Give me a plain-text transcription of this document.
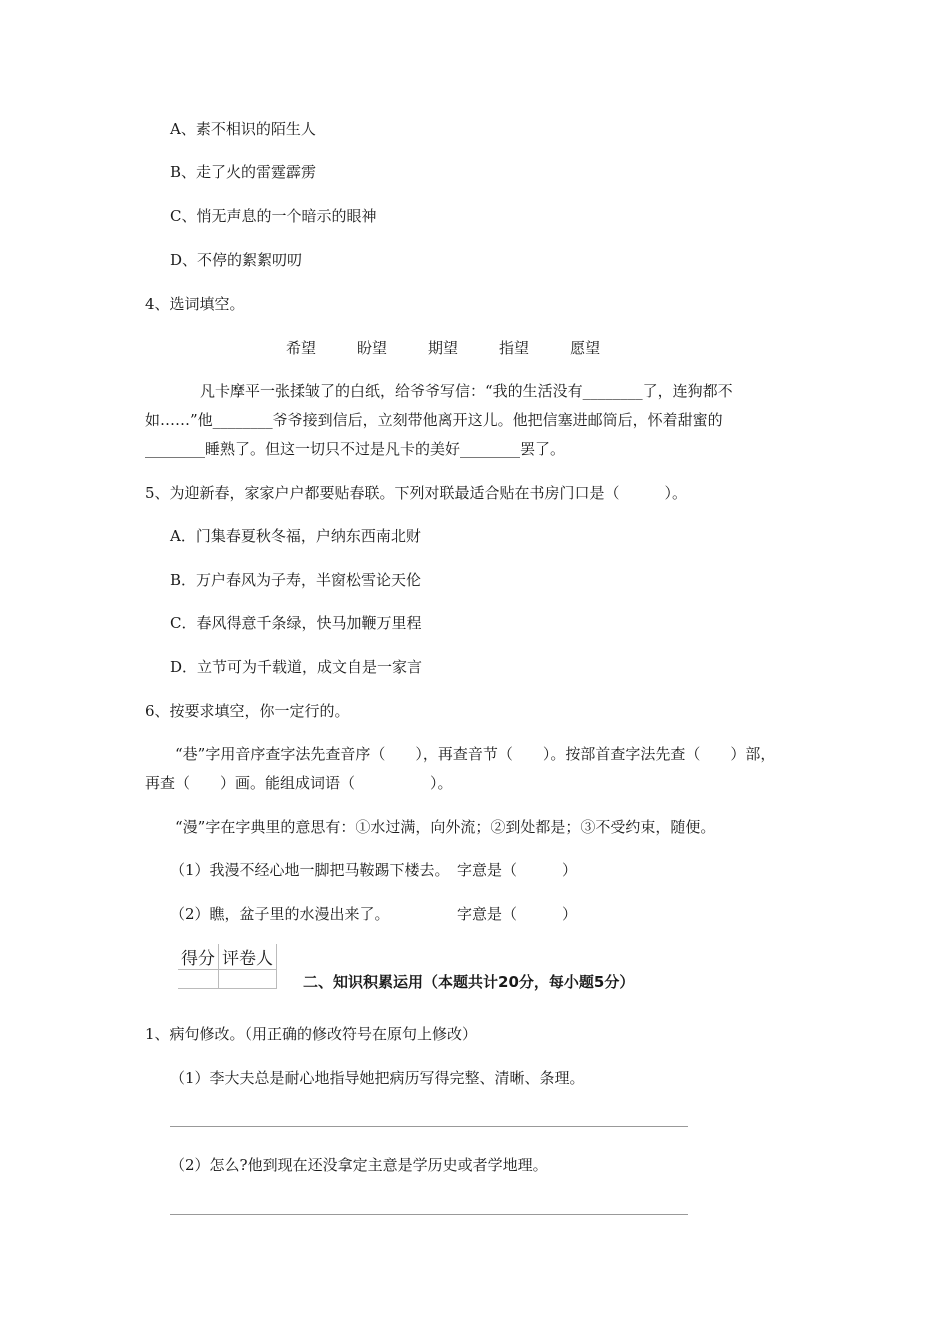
A、素不相识的陌生人
B、走了火的雷霆霹雳
C、悄无声息的一个暗示的眼神
D、不停的絮絮叨叨
4、选词填空。
希望	盼望	期望	指望	愿望
凡卡摩平一张揉皱了的白纸，给爷爷写信：“我的生活没有________了，连狗都不
如……”他________爷爷接到信后，立刻带他离开这儿。他把信塞进邮筒后，怀着甜蜜的
________睡熟了。但这一切只不过是凡卡的美好________罢了。
5、为迎新春，家家户户都要贴春联。下列对联最适合贴在书房门口是（　　　）。
A．门集春夏秋冬福，户纳东西南北财
B．万户春风为子寿，半窗松雪论天伦
C．春风得意千条绿，快马加鞭万里程
D．立节可为千载道，成文自是一家言
6、按要求填空，你一定行的。
“巷”字用音序查字法先查音序（　　），再查音节（　　）。按部首查字法先查（　　）部，
再查（　　）画。能组成词语（　　　　　）。
“漫”字在字典里的意思有：①水过满，向外流；②到处都是；③不受约束，随便。
（1）我漫不经心地一脚把马鞍踢下楼去。　字意是（　　　）
（2）瞧，盆子里的水漫出来了。　　　　　字意是（　　　）
得分	评卷人

二、知识积累运用（本题共计20分，每小题5分）
1、病句修改。（用正确的修改符号在原句上修改）
（1）李大夫总是耐心地指导她把病历写得完整、清晰、条理。
（2）怎么?他到现在还没拿定主意是学历史或者学地理。
